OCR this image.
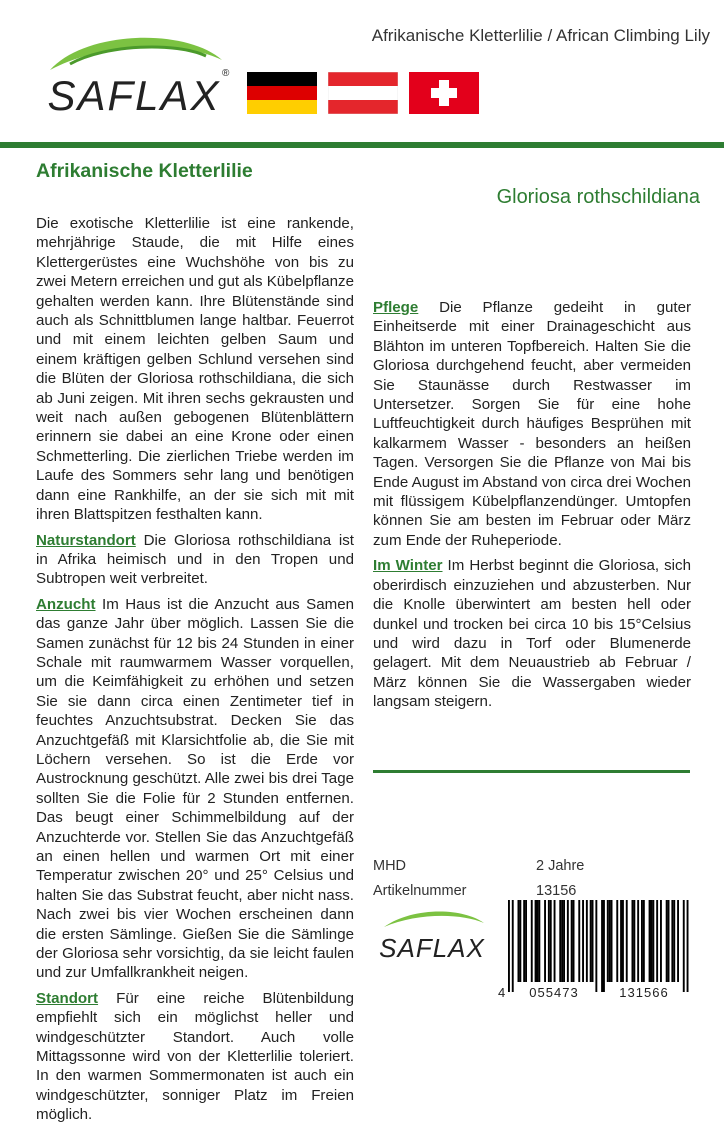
Afrikanische Kletterlilie / African Climbing Lily
SAFLAX ®
Afrikanische Kletterlilie
Gloriosa rothschildiana

Die exotische Kletterlilie ist eine rankende, mehrjährige Staude, die mit Hilfe eines Klettergerüstes eine Wuchshöhe von bis zu zwei Metern erreichen und gut als Kübelpflanze gehalten werden kann. Ihre Blütenstände sind auch als Schnittblumen lange haltbar. Feuerrot und mit einem leichten gelben Saum und einem kräftigen gelben Schlund versehen sind die Blüten der Gloriosa rothschildiana, die sich ab Juni zeigen. Mit ihren sechs gekrausten und weit nach außen gebogenen Blütenblättern erinnern sie dabei an eine Krone oder einen Schmetterling. Die zierlichen Triebe werden im Laufe des Sommers sehr lang und benötigen dann eine Rankhilfe, an der sie sich mit mit ihren Blattspitzen festhalten kann.

Naturstandort Die Gloriosa rothschildiana ist in Afrika heimisch und in den Tropen und Subtropen weit verbreitet.

Anzucht Im Haus ist die Anzucht aus Samen das ganze Jahr über möglich. Lassen Sie die Samen zunächst für 12 bis 24 Stunden in einer Schale mit raumwarmem Wasser vorquellen, um die Keimfähigkeit zu erhöhen und setzen Sie sie dann circa einen Zentimeter tief in feuchtes Anzuchtsubstrat. Decken Sie das Anzuchtgefäß mit Klarsichtfolie ab, die Sie mit Löchern versehen. So ist die Erde vor Austrocknung geschützt. Alle zwei bis drei Tage sollten Sie die Folie für 2 Stunden entfernen. Das beugt einer Schimmelbildung auf der Anzuchterde vor. Stellen Sie das Anzuchtgefäß an einen hellen und warmen Ort mit einer Temperatur zwischen 20° und 25° Celsius und halten Sie das Substrat feucht, aber nicht nass. Nach zwei bis vier Wochen erscheinen dann die ersten Sämlinge. Gießen Sie die Sämlinge der Gloriosa sehr vorsichtig, da sie leicht faulen und zur Umfallkrankheit neigen.

Standort Für eine reiche Blütenbildung empfiehlt sich ein möglichst heller und windgeschützter Standort. Auch volle Mittagssonne wird von der Kletterlilie toleriert. In den warmen Sommermonaten ist auch ein windgeschützter, sonniger Platz im Freien möglich.

Pflege Die Pflanze gedeiht in guter Einheitserde mit einer Drainageschicht aus Blähton im unteren Topfbereich. Halten Sie die Gloriosa durchgehend feucht, aber vermeiden Sie Staunässe durch Restwasser im Untersetzer. Sorgen Sie für eine hohe Luftfeuchtigkeit durch häufiges Besprühen mit kalkarmem Wasser - besonders an heißen Tagen. Versorgen Sie die Pflanze von Mai bis Ende August im Abstand von circa drei Wochen mit flüssigem Kübelpflanzendünger. Umtopfen können Sie am besten im Februar oder März zum Ende der Ruheperiode.

Im Winter Im Herbst beginnt die Gloriosa, sich oberirdisch einzuziehen und abzusterben. Nur die Knolle überwintert am besten hell oder dunkel und trocken bei circa 10 bis 15°Celsius und wird dazu in Torf oder Blumenerde gelagert. Mit dem Neuaustrieb ab Februar / März können Sie die Wassergaben wieder langsam steigern.

MHD	2 Jahre
Artikelnummer	13156
SAFLAX
4 055473	131566
